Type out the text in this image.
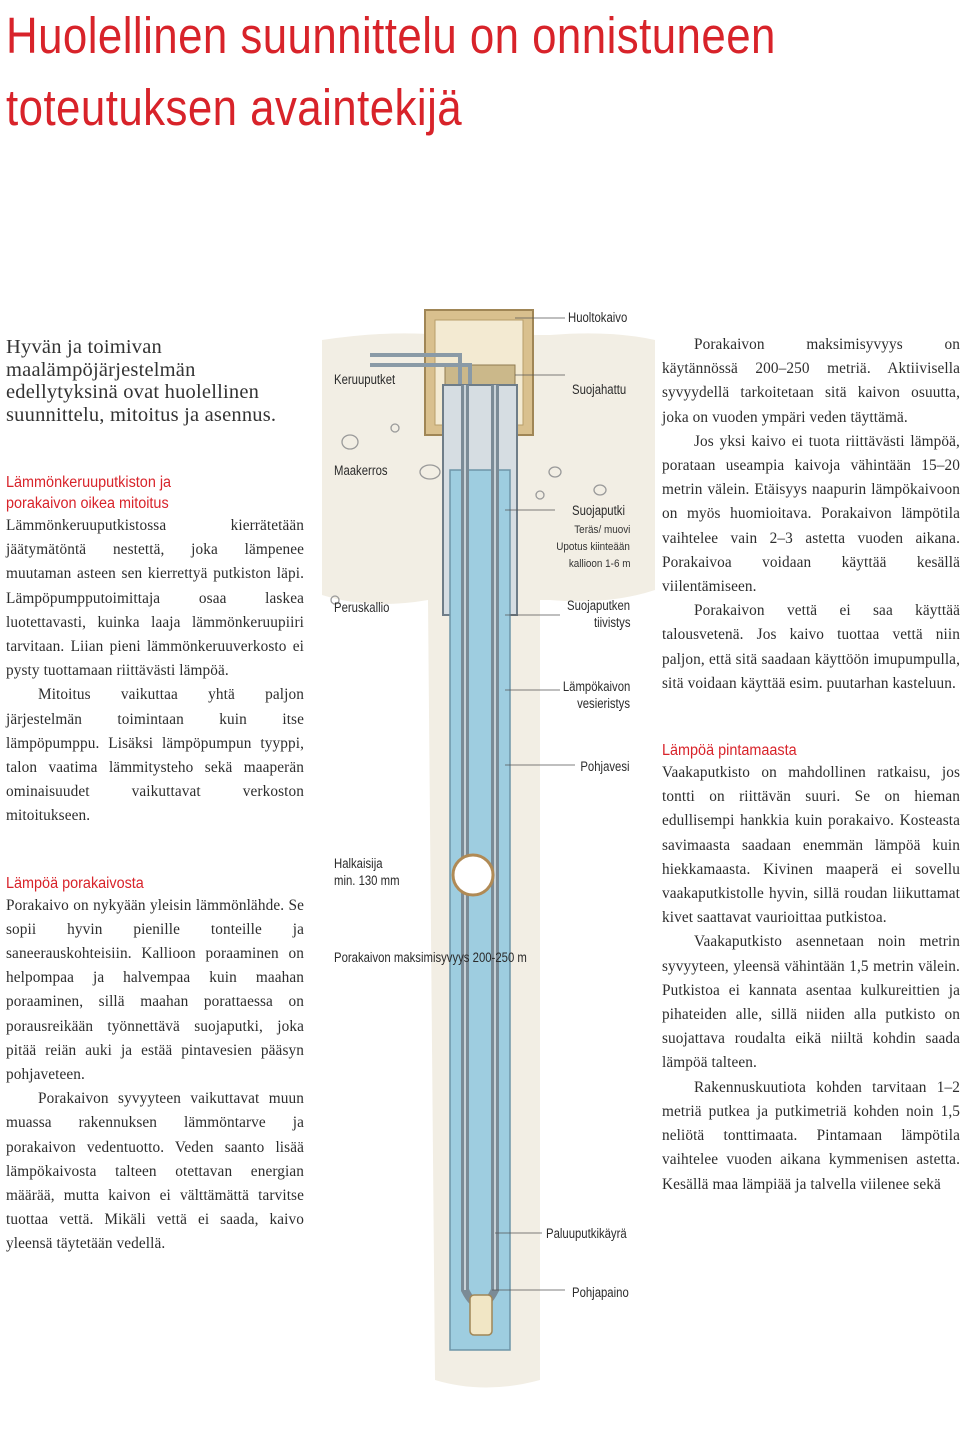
Huolellinen suunnittelu on onnistuneen
toteutuksen avaintekijä

Hyvän ja toimivan maalämpöjärjestelmän edellytyksinä ovat huolellinen suunnittelu, mitoitus ja asennus.

Lämmönkeruuputkiston ja
porakaivon oikea mitoitus

Lämmönkeruuputkistossa kierrätetään jäätymätöntä nestettä, joka lämpenee muutaman asteen sen kierrettyä putkiston läpi. Lämpöpumpputoimittaja osaa laskea luotettavasti, kuinka laaja lämmönkeruupiiri tarvitaan. Liian pieni lämmönkeruuverkosto ei pysty tuottamaan riittävästi lämpöä.

Mitoitus vaikuttaa yhtä paljon järjestelmän toimintaan kuin itse lämpöpumppu. Lisäksi lämpöpumpun tyyppi, talon vaatima lämmitysteho sekä maaperän ominaisuudet vaikuttavat verkoston mitoitukseen.

Lämpöä porakaivosta

Porakaivo on nykyään yleisin lämmönlähde. Se sopii hyvin pienille tonteille ja saneerauskohteisiin. Kallioon poraaminen on helpompaa ja halvempaa kuin maahan poraaminen, sillä maahan porattaessa on porausreikään työnnettävä suojaputki, joka pitää reiän auki ja estää pintavesien pääsyn pohjaveteen.

Porakaivon syvyyteen vaikuttavat muun muassa rakennuksen lämmöntarve ja porakaivon vedentuotto. Veden saanto lisää lämpökaivosta talteen otettavan energian määrää, mutta kaivon ei välttämättä tarvitse tuottaa vettä. Mikäli vettä ei saada, kaivo yleensä täytetään vedellä.

Keruuputket
Maakerros
Peruskallio
Halkaisija
min. 130 mm
Porakaivon maksimisyvyys 200-250 m
Huoltokaivo
Suojahattu
Suojaputki
Teräs/ muovi
Upotus kiinteään
kallioon 1-6 m
Suojaputken
tiivistys
Lämpökaivon
vesieristys
Pohjavesi
Paluuputkikäyrä
Pohjapaino

Porakaivon maksimisyvyys on käytännössä 200–250 metriä. Aktiivisella syvyydellä tarkoitetaan sitä kaivon osuutta, joka on vuoden ympäri veden täyttämä.

Jos yksi kaivo ei tuota riittävästi lämpöä, porataan useampia kaivoja vähintään 15–20 metrin välein. Etäisyys naapurin lämpökaivoon on myös huomioitava. Porakaivon lämpötila vaihtelee vain 2–3 astetta vuoden aikana. Porakaivoa voidaan käyttää kesällä viilentämiseen.

Porakaivon vettä ei saa käyttää talousvetenä. Jos kaivo tuottaa vettä niin paljon, että sitä saadaan käyttöön imupumpulla, sitä voidaan käyttää esim. puutarhan kasteluun.

Lämpöä pintamaasta

Vaakaputkisto on mahdollinen ratkaisu, jos tontti on riittävän suuri. Se on hieman edullisempi hankkia kuin porakaivo. Kosteasta savimaasta saadaan enemmän lämpöä kuin hiekkamaasta. Kivinen maaperä ei sovellu vaakaputkistolle hyvin, sillä roudan liikuttamat kivet saattavat vaurioittaa putkistoa.

Vaakaputkisto asennetaan noin metrin syvyyteen, yleensä vähintään 1,5 metrin välein. Putkistoa ei kannata asentaa kulkureittien ja pihateiden alle, sillä niiden alla putkisto on suojattava roudalta eikä niiltä kohdin saada lämpöä talteen.

Rakennuskuutiota kohden tarvitaan 1–2 metriä putkea ja putkimetriä kohden noin 1,5 neliötä tonttimaata. Pintamaan lämpötila vaihtelee vuoden aikana kymmenisen astetta. Kesällä maa lämpiää ja talvella viilenee sekä
